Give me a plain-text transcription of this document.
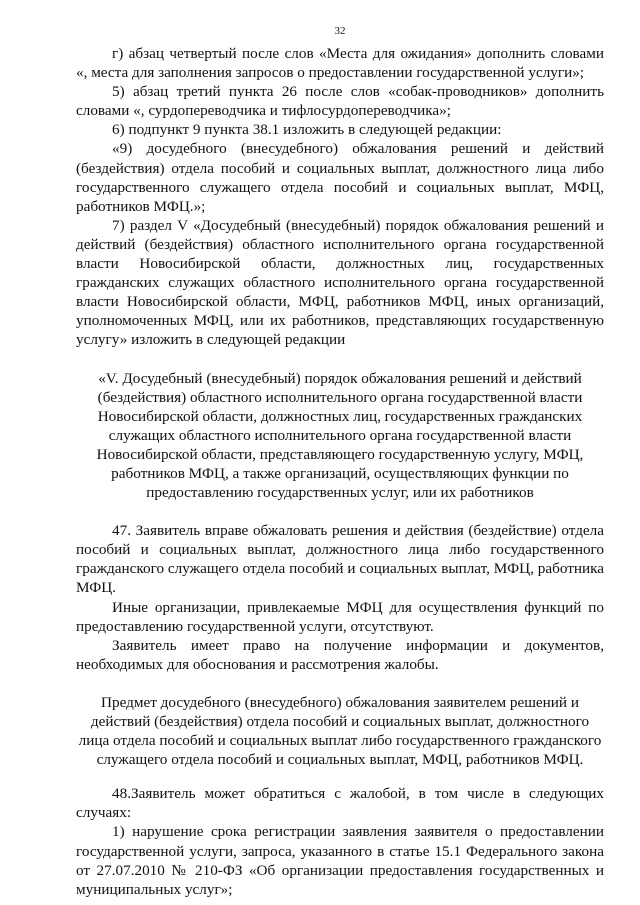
32

г) абзац четвертый после слов «Места для ожидания» дополнить словами «, места для заполнения запросов о предоставлении государственной услуги»;

5) абзац третий пункта 26 после слов «собак-проводников» дополнить словами «, сурдопереводчика и тифлосурдопереводчика»;

6) подпункт 9 пункта 38.1 изложить в следующей редакции:

«9) досудебного (внесудебного) обжалования решений и действий (бездействия) отдела пособий и социальных выплат, должностного лица либо государственного служащего отдела пособий и социальных выплат, МФЦ, работников МФЦ.»;

7) раздел V «Досудебный (внесудебный) порядок обжалования решений и действий (бездействия) областного исполнительного органа государственной власти Новосибирской области, должностных лиц, государственных гражданских служащих областного исполнительного органа государственной власти Новосибирской области, МФЦ, работников МФЦ, иных организаций, уполномоченных МФЦ, или их работников, представляющих государственную услугу» изложить в следующей редакции

«V. Досудебный (внесудебный) порядок обжалования решений и действий (бездействия) областного исполнительного органа государственной власти Новосибирской области, должностных лиц, государственных гражданских служащих областного исполнительного органа государственной власти Новосибирской области, представляющего государственную услугу, МФЦ, работников МФЦ, а также организаций, осуществляющих функции по предоставлению государственных услуг, или их работников

47. Заявитель вправе обжаловать решения и действия (бездействие) отдела пособий и социальных выплат, должностного лица либо государственного гражданского служащего отдела пособий и социальных выплат, МФЦ, работника МФЦ.

Иные организации, привлекаемые МФЦ для осуществления функций по предоставлению государственной услуги, отсутствуют.

Заявитель имеет право на получение информации и документов, необходимых для обоснования и рассмотрения жалобы.

Предмет досудебного (внесудебного) обжалования заявителем решений и действий (бездействия) отдела пособий и социальных выплат, должностного лица отдела пособий и социальных выплат либо государственного гражданского служащего отдела пособий и социальных выплат, МФЦ, работников МФЦ.

48.Заявитель может обратиться с жалобой, в том числе в следующих случаях:

1) нарушение срока регистрации заявления заявителя о предоставлении государственной услуги, запроса, указанного в статье 15.1 Федерального закона от 27.07.2010 № 210-ФЗ «Об организации предоставления государственных и муниципальных услуг»;
